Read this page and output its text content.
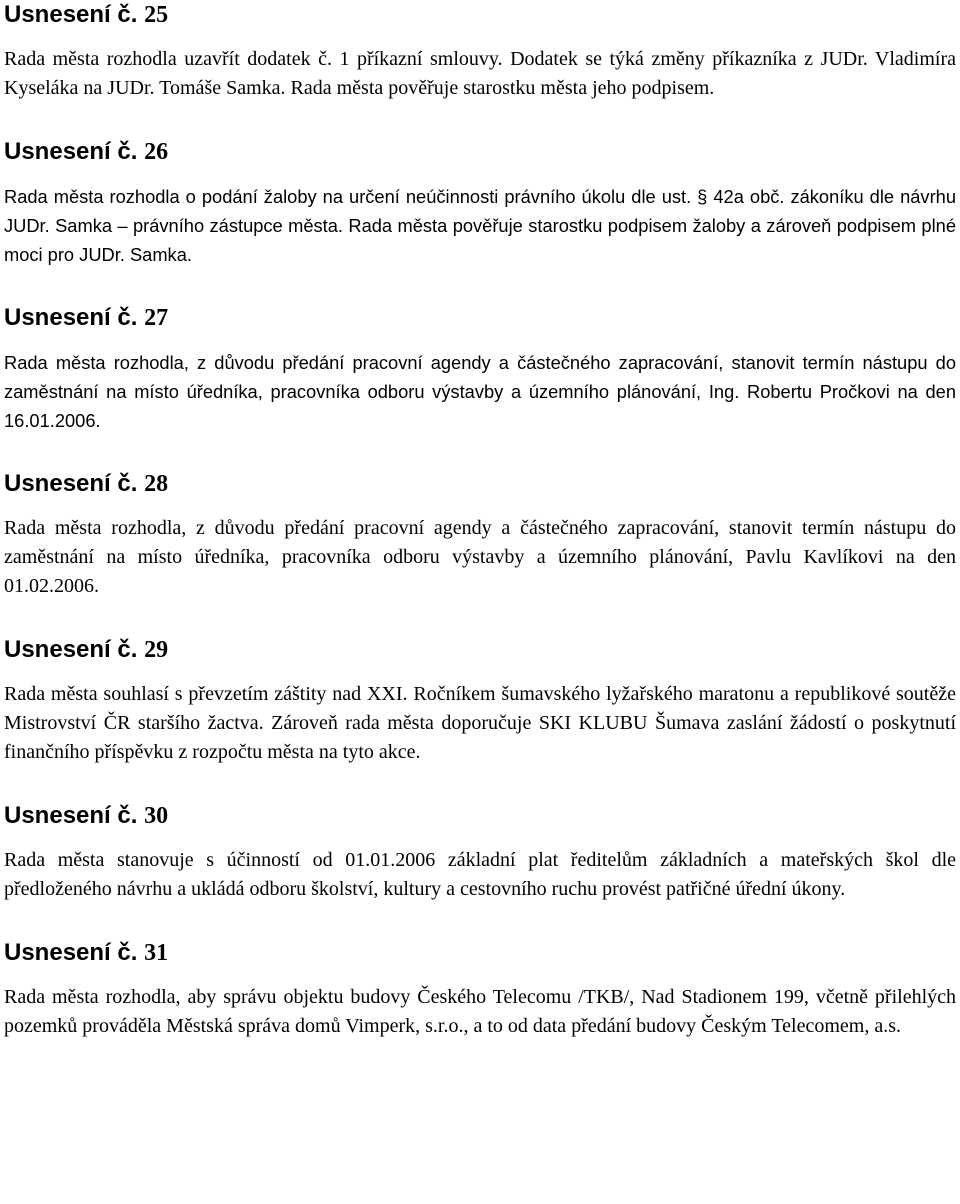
Usnesení č. 25

Rada města rozhodla uzavřít dodatek č. 1 příkazní smlouvy. Dodatek se týká změny příkazníka z JUDr. Vladimíra Kyseláka na JUDr. Tomáše Samka. Rada města pověřuje starostku města jeho podpisem.

Usnesení č. 26

Rada města rozhodla o podání žaloby na určení neúčinnosti právního úkolu dle ust. § 42a obč. zákoníku dle návrhu JUDr. Samka – právního zástupce města. Rada města pověřuje starostku podpisem žaloby a zároveň podpisem plné moci pro JUDr. Samka.

Usnesení č. 27

Rada města rozhodla, z důvodu předání pracovní agendy a částečného zapracování, stanovit termín nástupu do zaměstnání na místo úředníka, pracovníka odboru výstavby a územního plánování, Ing. Robertu Pročkovi na den 16.01.2006.

Usnesení č. 28

Rada města rozhodla, z důvodu předání pracovní agendy a částečného zapracování, stanovit termín nástupu do zaměstnání na místo úředníka, pracovníka odboru výstavby a územního plánování, Pavlu Kavlíkovi na den 01.02.2006.

Usnesení č. 29

Rada města souhlasí s převzetím záštity nad XXI. Ročníkem šumavského lyžařského maratonu a republikové soutěže Mistrovství ČR staršího žactva. Zároveň rada města doporučuje SKI KLUBU Šumava zaslání žádostí o poskytnutí finančního příspěvku z rozpočtu města na tyto akce.

Usnesení č. 30

Rada města stanovuje s účinností od 01.01.2006 základní plat ředitelům základních a mateřských škol dle předloženého návrhu a ukládá odboru školství, kultury a cestovního ruchu provést patřičné úřední úkony.

Usnesení č. 31

Rada města rozhodla, aby správu objektu budovy Českého Telecomu /TKB/, Nad Stadionem 199, včetně přilehlých pozemků prováděla Městská správa domů Vimperk, s.r.o., a to od data předání budovy Českým Telecomem, a.s.
